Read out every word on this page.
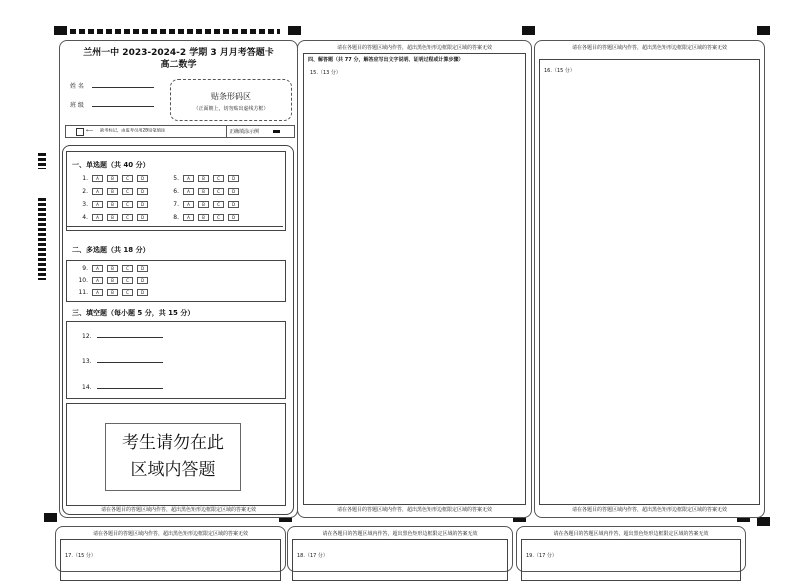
兰州一中 2023-2024-2 学期 3 月月考答题卡
高二数学
姓 名
班 级
贴条形码区
（正面朝上，切勿贴出虚线方框）
⟵ 缺考标记，由监考员用2B铅笔填涂	正确填涂示例
一、单选题（共 40 分）
1.	A	B	C	D
2.	A	B	C	D
3.	A	B	C	D
4.	A	B	C	D
5.	A	B	C	D
6.	A	B	C	D
7.	A	B	C	D
8.	A	B	C	D
二、多选题（共 18 分）
9.	A	B	C	D
10.	A	B	C	D
11.	A	B	C	D
三、填空题（每小题 5 分，共 15 分）
12.
13.
14.
考生请勿在此
区域内答题
请在各题目的答题区域内作答，超出黑色矩形边框限定区域的答案无效
请在各题目的答题区域内作答，超出黑色矩形边框限定区域的答案无效
四、解答题（共 77 分，解答应写出文字说明、证明过程或计算步骤）
15.（13 分）
请在各题目的答题区域内作答，超出黑色矩形边框限定区域的答案无效
请在各题目的答题区域内作答，超出黑色矩形边框限定区域的答案无效
16.（15 分）
请在各题目的答题区域内作答，超出黑色矩形边框限定区域的答案无效
请在各题目的答题区域内作答，超出黑色矩形边框限定区域的答案无效
17.（15 分）
请在各题目的答题区域内作答，超出黑色矩形边框限定区域的答案无效
18.（17 分）
请在各题目的答题区域内作答，超出黑色矩形边框限定区域的答案无效
19.（17 分）
